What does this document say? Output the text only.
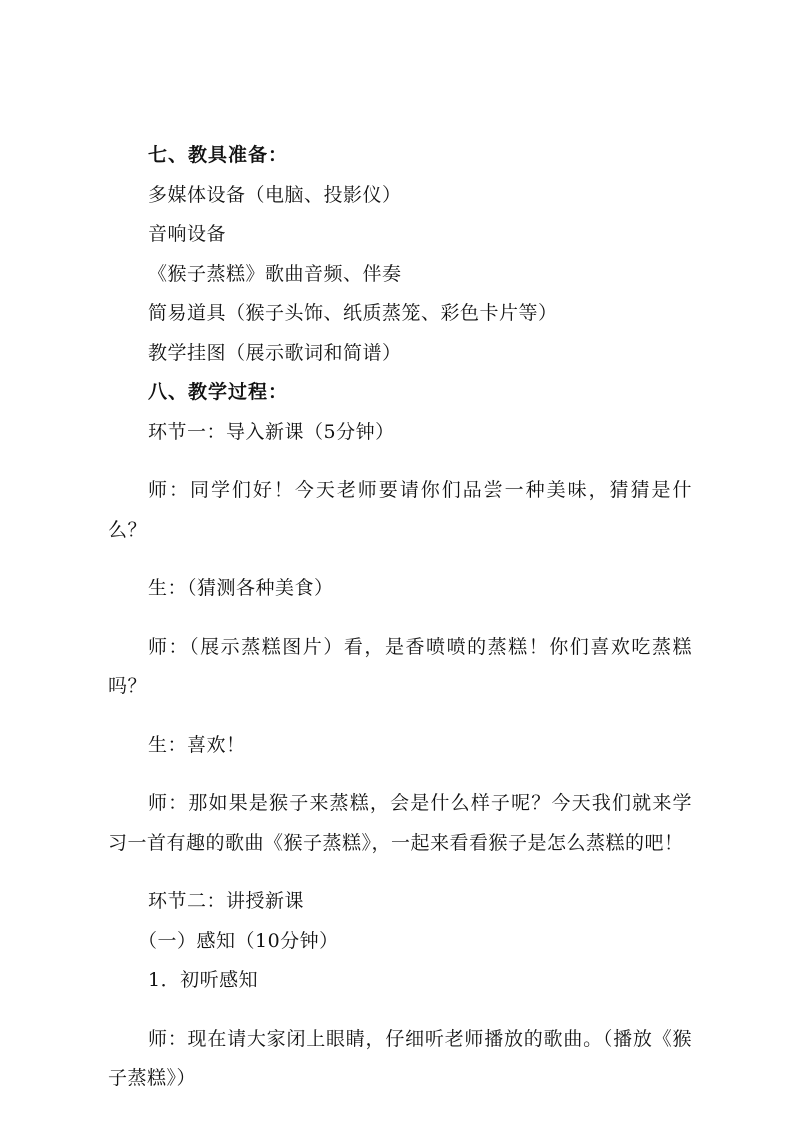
七、教具准备：

多媒体设备（电脑、投影仪）

音响设备

《猴子蒸糕》歌曲音频、伴奏

简易道具（猴子头饰、纸质蒸笼、彩色卡片等）

教学挂图（展示歌词和简谱）

八、教学过程：

环节一：导入新课（5分钟）

师：同学们好！今天老师要请你们品尝一种美味，猜猜是什么？

生：（猜测各种美食）

师：（展示蒸糕图片）看，是香喷喷的蒸糕！你们喜欢吃蒸糕吗？

生：喜欢！

师：那如果是猴子来蒸糕，会是什么样子呢？今天我们就来学习一首有趣的歌曲《猴子蒸糕》，一起来看看猴子是怎么蒸糕的吧！

环节二：讲授新课

（一）感知（10分钟）

1．初听感知

师：现在请大家闭上眼睛，仔细听老师播放的歌曲。（播放《猴子蒸糕》）
